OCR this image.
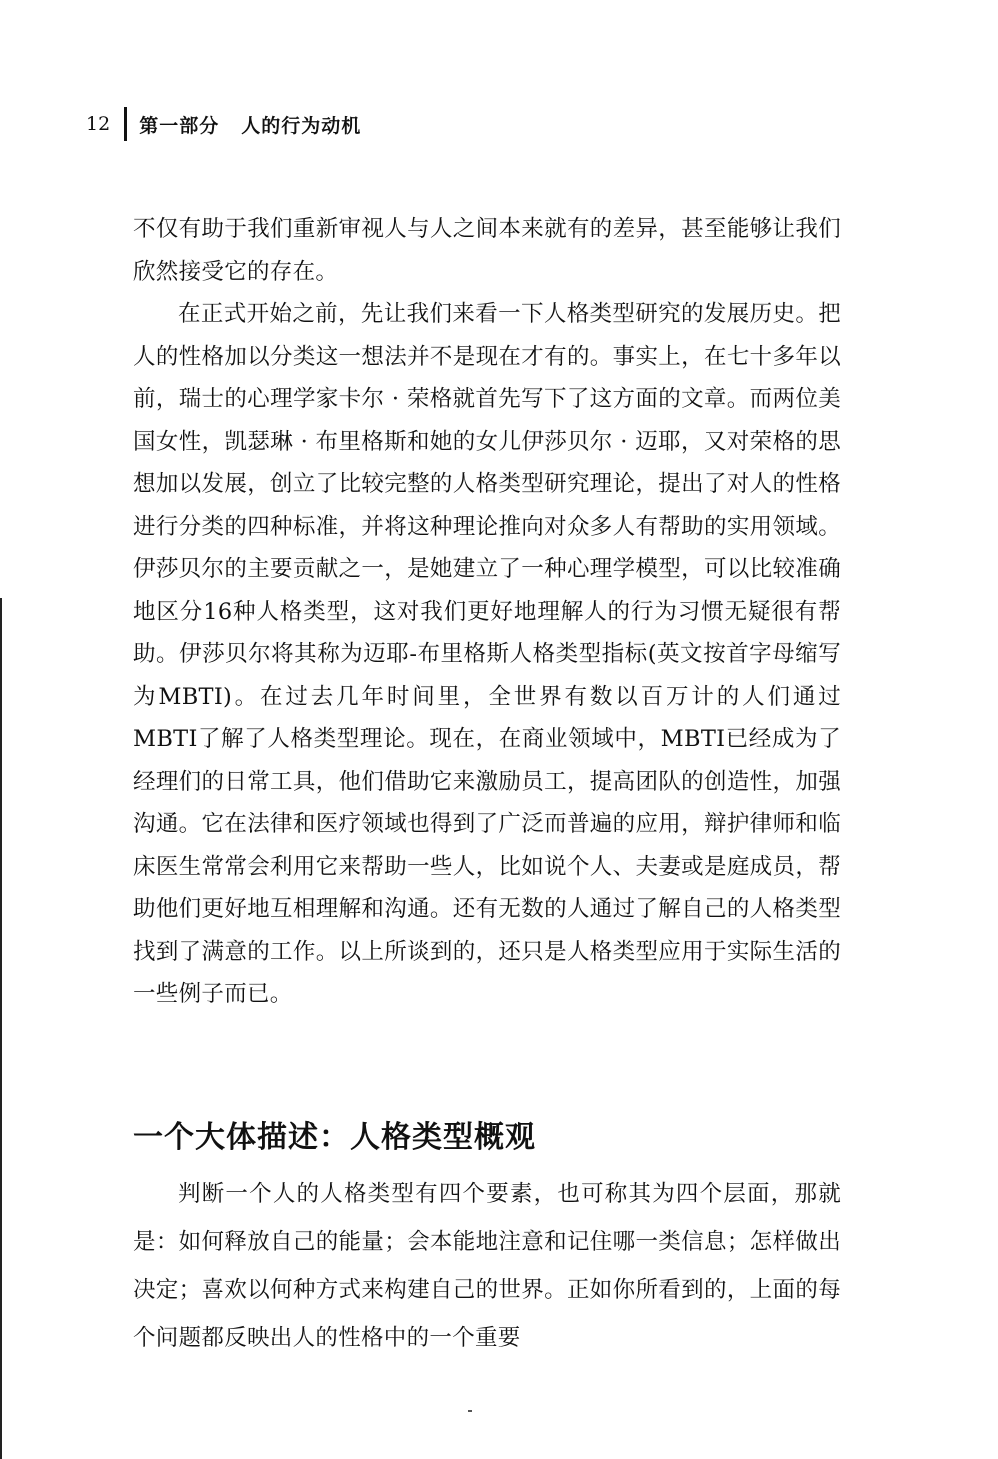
12 第一部分 人的行为动机

不仅有助于我们重新审视人与人之间本来就有的差异，甚至能够让我们欣然接受它的存在。

在正式开始之前，先让我们来看一下人格类型研究的发展历史。把人的性格加以分类这一想法并不是现在才有的。事实上，在七十多年以前，瑞士的心理学家卡尔 · 荣格就首先写下了这方面的文章。而两位美国女性，凯瑟琳 · 布里格斯和她的女儿伊莎贝尔 · 迈耶，又对荣格的思想加以发展，创立了比较完整的人格类型研究理论，提出了对人的性格进行分类的四种标准，并将这种理论推向对众多人有帮助的实用领域。伊莎贝尔的主要贡献之一，是她建立了一种心理学模型，可以比较准确地区分16种人格类型，这对我们更好地理解人的行为习惯无疑很有帮助。伊莎贝尔将其称为迈耶-布里格斯人格类型指标(英文按首字母缩写为MBTI)。在过去几年时间里，全世界有数以百万计的人们通过MBTI了解了人格类型理论。现在，在商业领域中，MBTI已经成为了经理们的日常工具，他们借助它来激励员工，提高团队的创造性，加强沟通。它在法律和医疗领域也得到了广泛而普遍的应用，辩护律师和临床医生常常会利用它来帮助一些人，比如说个人、夫妻或是庭成员，帮助他们更好地互相理解和沟通。还有无数的人通过了解自己的人格类型找到了满意的工作。以上所谈到的，还只是人格类型应用于实际生活的一些例子而已。

一个大体描述：人格类型概观

判断一个人的人格类型有四个要素，也可称其为四个层面，那就是：如何释放自己的能量；会本能地注意和记住哪一类信息；怎样做出决定；喜欢以何种方式来构建自己的世界。正如你所看到的，上面的每个问题都反映出人的性格中的一个重要
